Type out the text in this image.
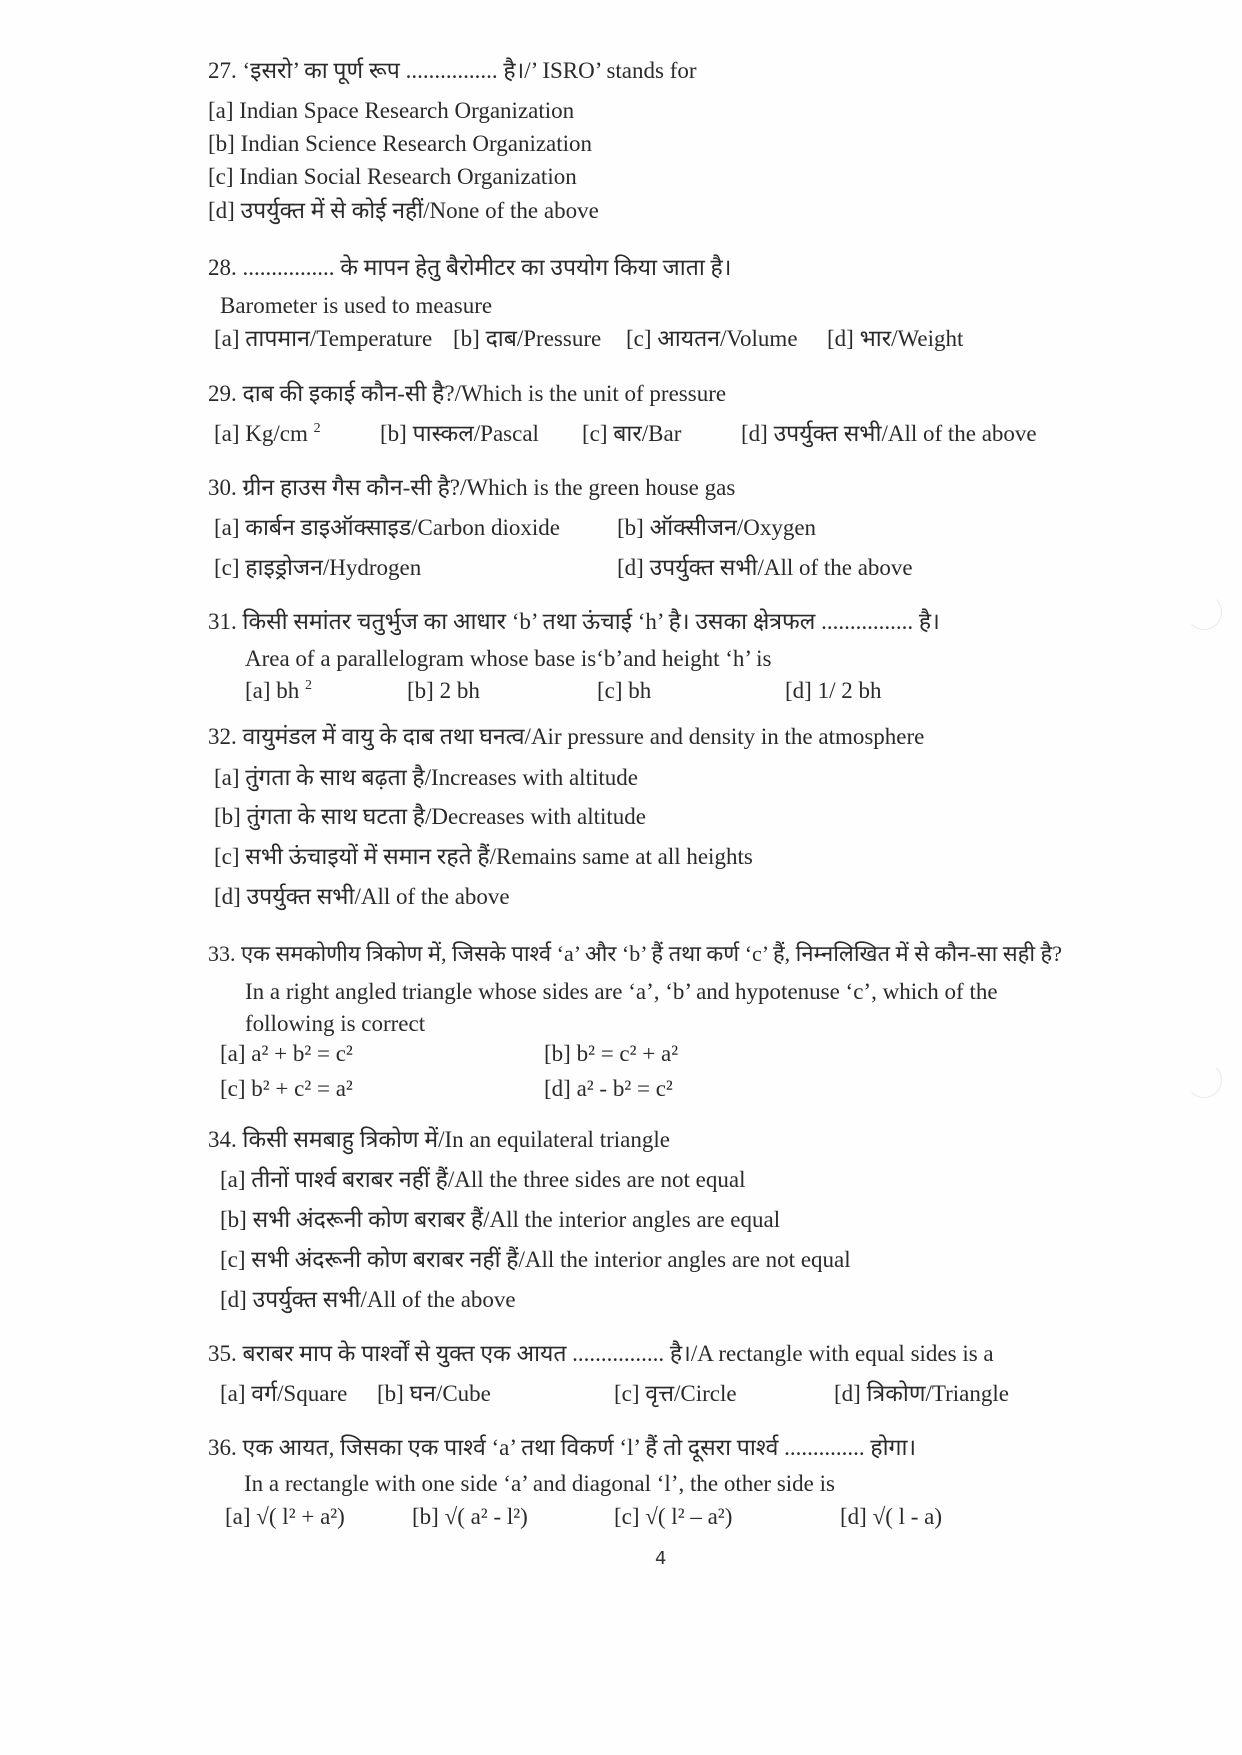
27. ‘इसरो’ का पूर्ण रूप ................ है।/’ ISRO’ stands for
[a] Indian Space Research Organization
[b] Indian Science Research Organization
[c] Indian Social Research Organization
[d] उपर्युक्त में से कोई नहीं/None of the above
28. ................ के मापन हेतु बैरोमीटर का उपयोग किया जाता है।
Barometer is used to measure
[a] तापमान/Temperature [b] दाब/Pressure [c] आयतन/Volume [d] भार/Weight
29. दाब की इकाई कौन-सी है?/Which is the unit of pressure
[a] Kg/cm $^2$	[b] पास्कल/Pascal [c] बार/Bar	[d] उपर्युक्त सभी/All of the above
30. ग्रीन हाउस गैस कौन-सी है?/Which is the green house gas
[a] कार्बन डाइऑक्साइड/Carbon dioxide [b] ऑक्सीजन/Oxygen
[c] हाइड्रोजन/Hydrogen	[d] उपर्युक्त सभी/All of the above
31. किसी समांतर चतुर्भुज का आधार ‘b’ तथा ऊंचाई ‘h’ है। उसका क्षेत्रफल ................ है।
Area of a parallelogram whose base is‘b’and height ‘h’ is
[a] bh $^2$	[b] 2 bh	[c] bh	[d] 1/ 2 bh
32. वायुमंडल में वायु के दाब तथा घनत्व/Air pressure and density in the atmosphere
[a] तुंगता के साथ बढ़ता है/Increases with altitude
[b] तुंगता के साथ घटता है/Decreases with altitude
[c] सभी ऊंचाइयों में समान रहते हैं/Remains same at all heights
[d] उपर्युक्त सभी/All of the above
33. एक समकोणीय त्रिकोण में, जिसके पार्श्व ‘a’ और ‘b’ हैं तथा कर्ण ‘c’ हैं, निम्नलिखित में से कौन-सा सही है?
In a right angled triangle whose sides are ‘a’, ‘b’ and hypotenuse ‘c’, which of the
following is correct
[a] a² + b² = c²	[b] b² = c² + a²
[c] b² + c² = a²	[d] a² - b² = c²
34. किसी समबाहु त्रिकोण में/In an equilateral triangle
[a] तीनों पार्श्व बराबर नहीं हैं/All the three sides are not equal
[b] सभी अंदरूनी कोण बराबर हैं/All the interior angles are equal
[c] सभी अंदरूनी कोण बराबर नहीं हैं/All the interior angles are not equal
[d] उपर्युक्त सभी/All of the above
35. बराबर माप के पार्श्वों से युक्त एक आयत ................ है।/A rectangle with equal sides is a
[a] वर्ग/Square [b] घन/Cube	[c] वृत्त/Circle	[d] त्रिकोण/Triangle
36. एक आयत, जिसका एक पार्श्व ‘a’ तथा विकर्ण ‘l’ हैं तो दूसरा पार्श्व .............. होगा।
In a rectangle with one side ‘a’ and diagonal ‘l’, the other side is
[a] √( l² + a²)	[b] √( a² - l²)	[c] √( l² – a²)	[d] √( l - a)
4
